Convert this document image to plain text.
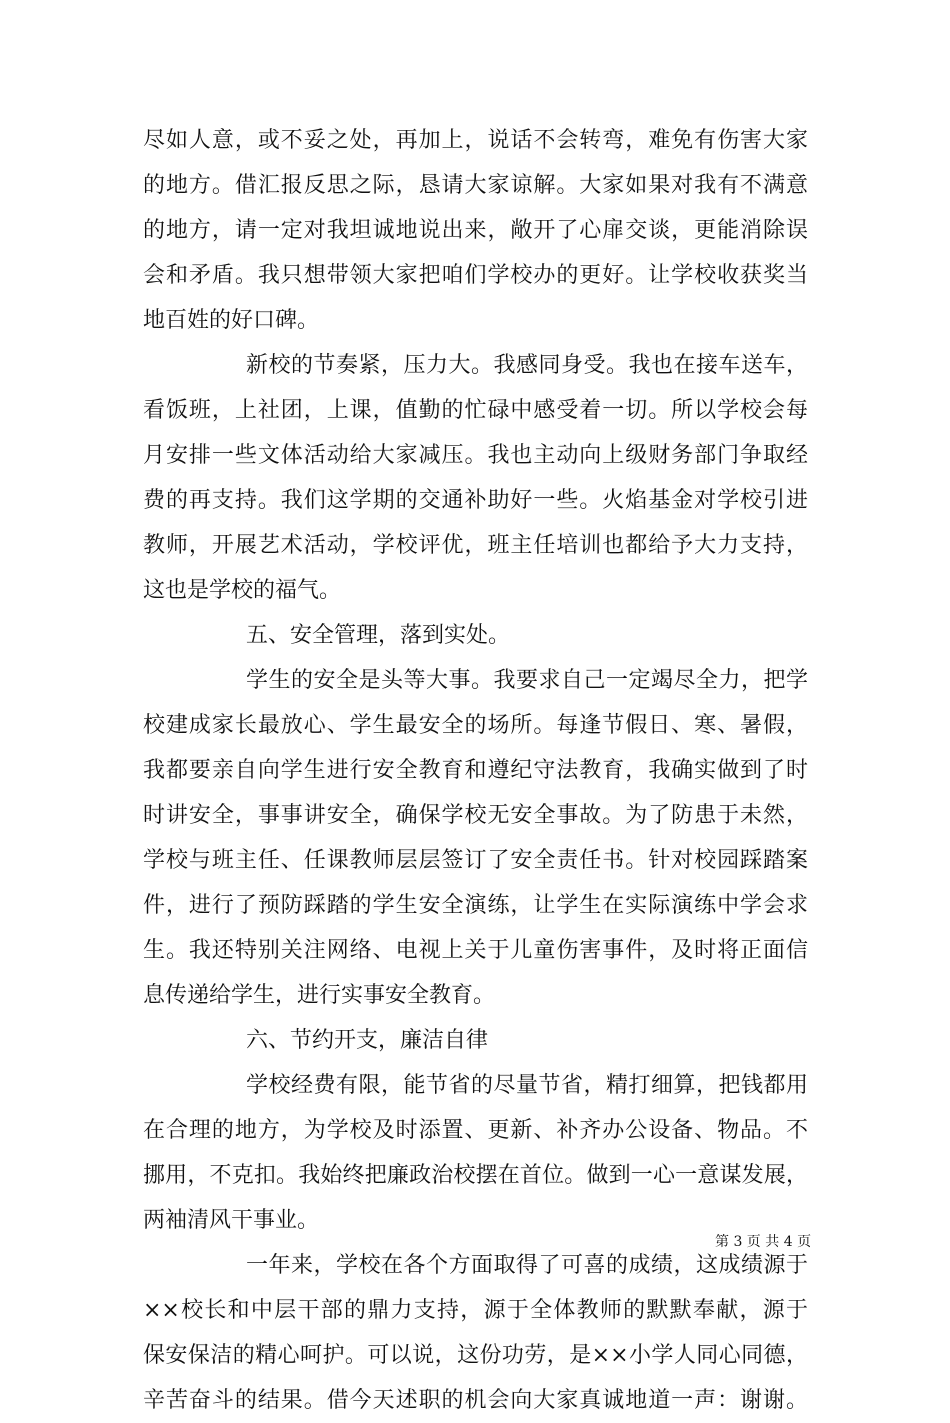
尽如人意，或不妥之处，再加上，说话不会转弯，难免有伤害大家
的地方。借汇报反思之际，恳请大家谅解。大家如果对我有不满意
的地方，请一定对我坦诚地说出来，敞开了心扉交谈，更能消除误
会和矛盾。我只想带领大家把咱们学校办的更好。让学校收获奖当
地百姓的好口碑。
新校的节奏紧，压力大。我感同身受。我也在接车送车，
看饭班，上社团，上课，值勤的忙碌中感受着一切。所以学校会每
月安排一些文体活动给大家减压。我也主动向上级财务部门争取经
费的再支持。我们这学期的交通补助好一些。火焰基金对学校引进
教师，开展艺术活动，学校评优，班主任培训也都给予大力支持，
这也是学校的福气。
五、安全管理，落到实处。
学生的安全是头等大事。我要求自己一定竭尽全力，把学
校建成家长最放心、学生最安全的场所。每逢节假日、寒、暑假，
我都要亲自向学生进行安全教育和遵纪守法教育，我确实做到了时
时讲安全，事事讲安全，确保学校无安全事故。为了防患于未然，
学校与班主任、任课教师层层签订了安全责任书。针对校园踩踏案
件，进行了预防踩踏的学生安全演练，让学生在实际演练中学会求
生。我还特别关注网络、电视上关于儿童伤害事件，及时将正面信
息传递给学生，进行实事安全教育。
六、节约开支，廉洁自律
学校经费有限，能节省的尽量节省，精打细算，把钱都用
在合理的地方，为学校及时添置、更新、补齐办公设备、物品。不
挪用，不克扣。我始终把廉政治校摆在首位。做到一心一意谋发展，
两袖清风干事业。
一年来，学校在各个方面取得了可喜的成绩，这成绩源于
××校长和中层干部的鼎力支持，源于全体教师的默默奉献，源于
保安保洁的精心呵护。可以说，这份功劳，是××小学人同心同德，
辛苦奋斗的结果。借今天述职的机会向大家真诚地道一声：谢谢。
第 3 页 共 4 页
